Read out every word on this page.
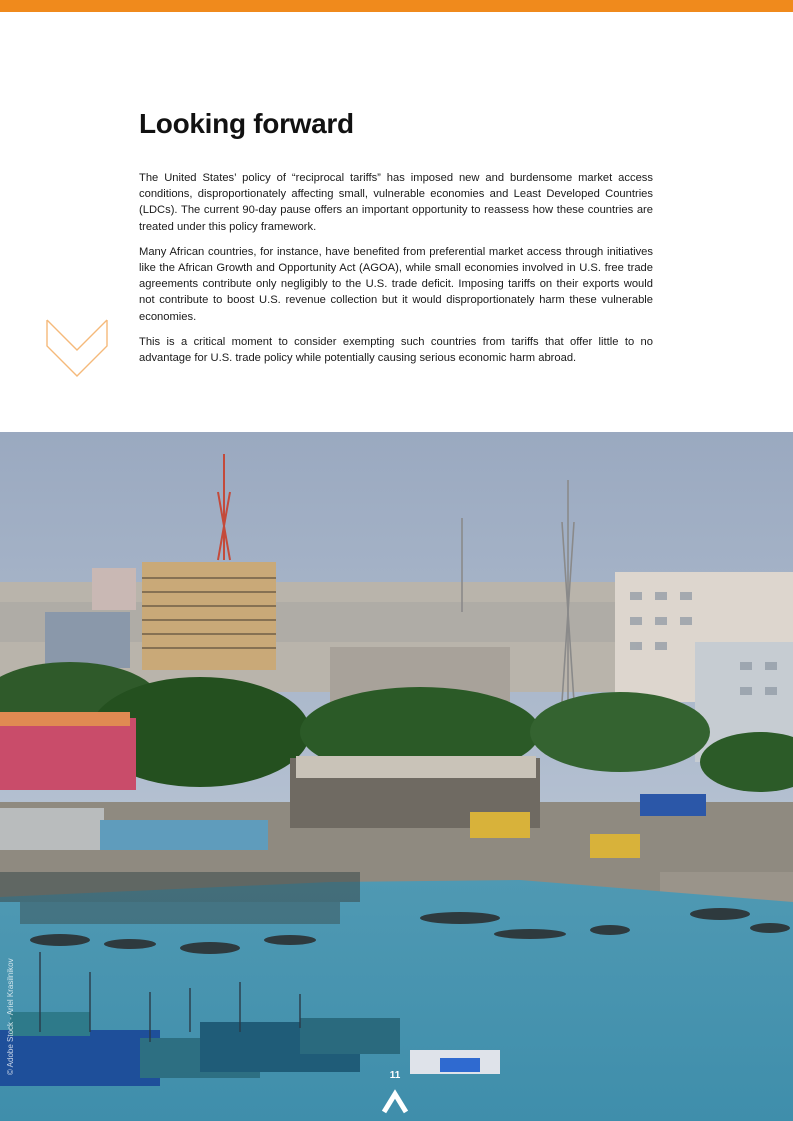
Looking forward

The United States’ policy of “reciprocal tariffs” has imposed new and burdensome market access conditions, disproportionately affecting small, vulnerable economies and Least Developed Countries (LDCs). The current 90-day pause offers an important opportunity to reassess how these countries are treated under this policy framework.

Many African countries, for instance, have benefited from preferential market access through initiatives like the African Growth and Opportunity Act (AGOA), while small economies involved in U.S. free trade agreements contribute only negligibly to the U.S. trade deficit. Imposing tariffs on their exports would not contribute to boost U.S. revenue collection but it would disproportionately harm these vulnerable economies.

This is a critical moment to consider exempting such countries from tariffs that offer little to no advantage for U.S. trade policy while potentially causing serious economic harm abroad.

© Adobe Stock - Ariel Krasilnikov
11
